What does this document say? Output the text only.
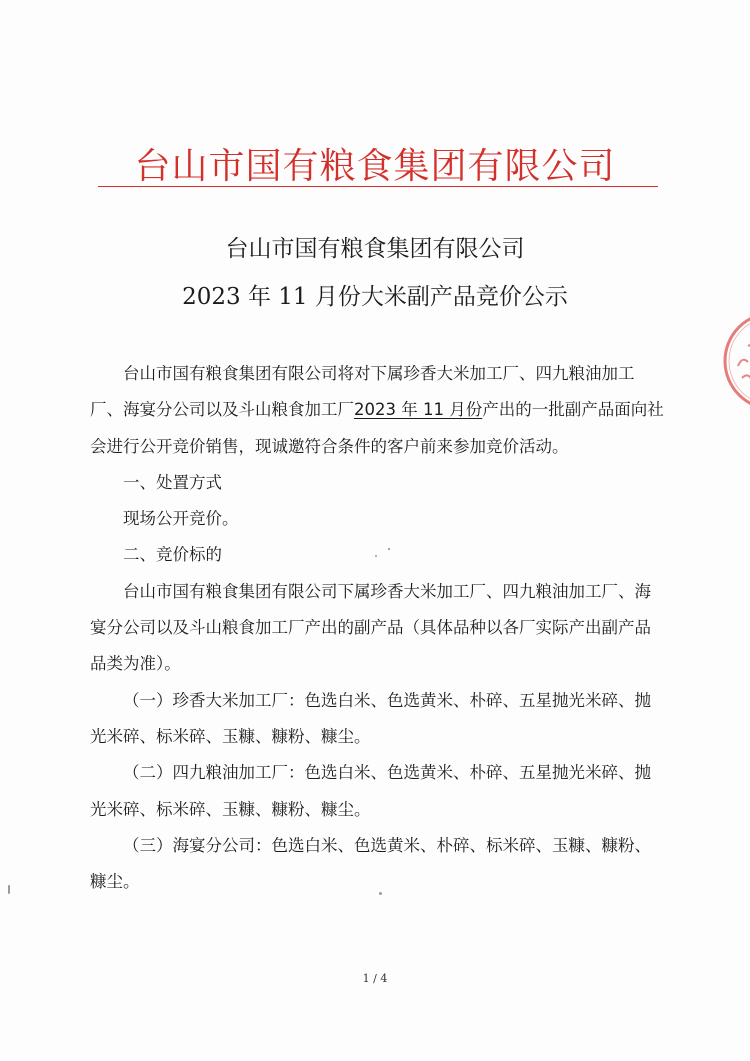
台山市国有粮食集团有限公司
台山市国有粮食集团有限公司
2023 年 11 月份大米副产品竞价公示

台山市国有粮食集团有限公司将对下属珍香大米加工厂、四九粮油加工厂、海宴分公司以及斗山粮食加工厂2023 年 11 月份产出的一批副产品面向社会进行公开竞价销售，现诚邀符合条件的客户前来参加竞价活动。

一、处置方式

现场公开竞价。

二、竞价标的

台山市国有粮食集团有限公司下属珍香大米加工厂、四九粮油加工厂、海宴分公司以及斗山粮食加工厂产出的副产品（具体品种以各厂实际产出副产品品类为准）。

（一）珍香大米加工厂：色选白米、色选黄米、朴碎、五星抛光米碎、抛光米碎、标米碎、玉糠、糠粉、糠尘。

（二）四九粮油加工厂：色选白米、色选黄米、朴碎、五星抛光米碎、抛光米碎、标米碎、玉糠、糠粉、糠尘。

（三）海宴分公司：色选白米、色选黄米、朴碎、标米碎、玉糠、糠粉、糠尘。

1 / 4
